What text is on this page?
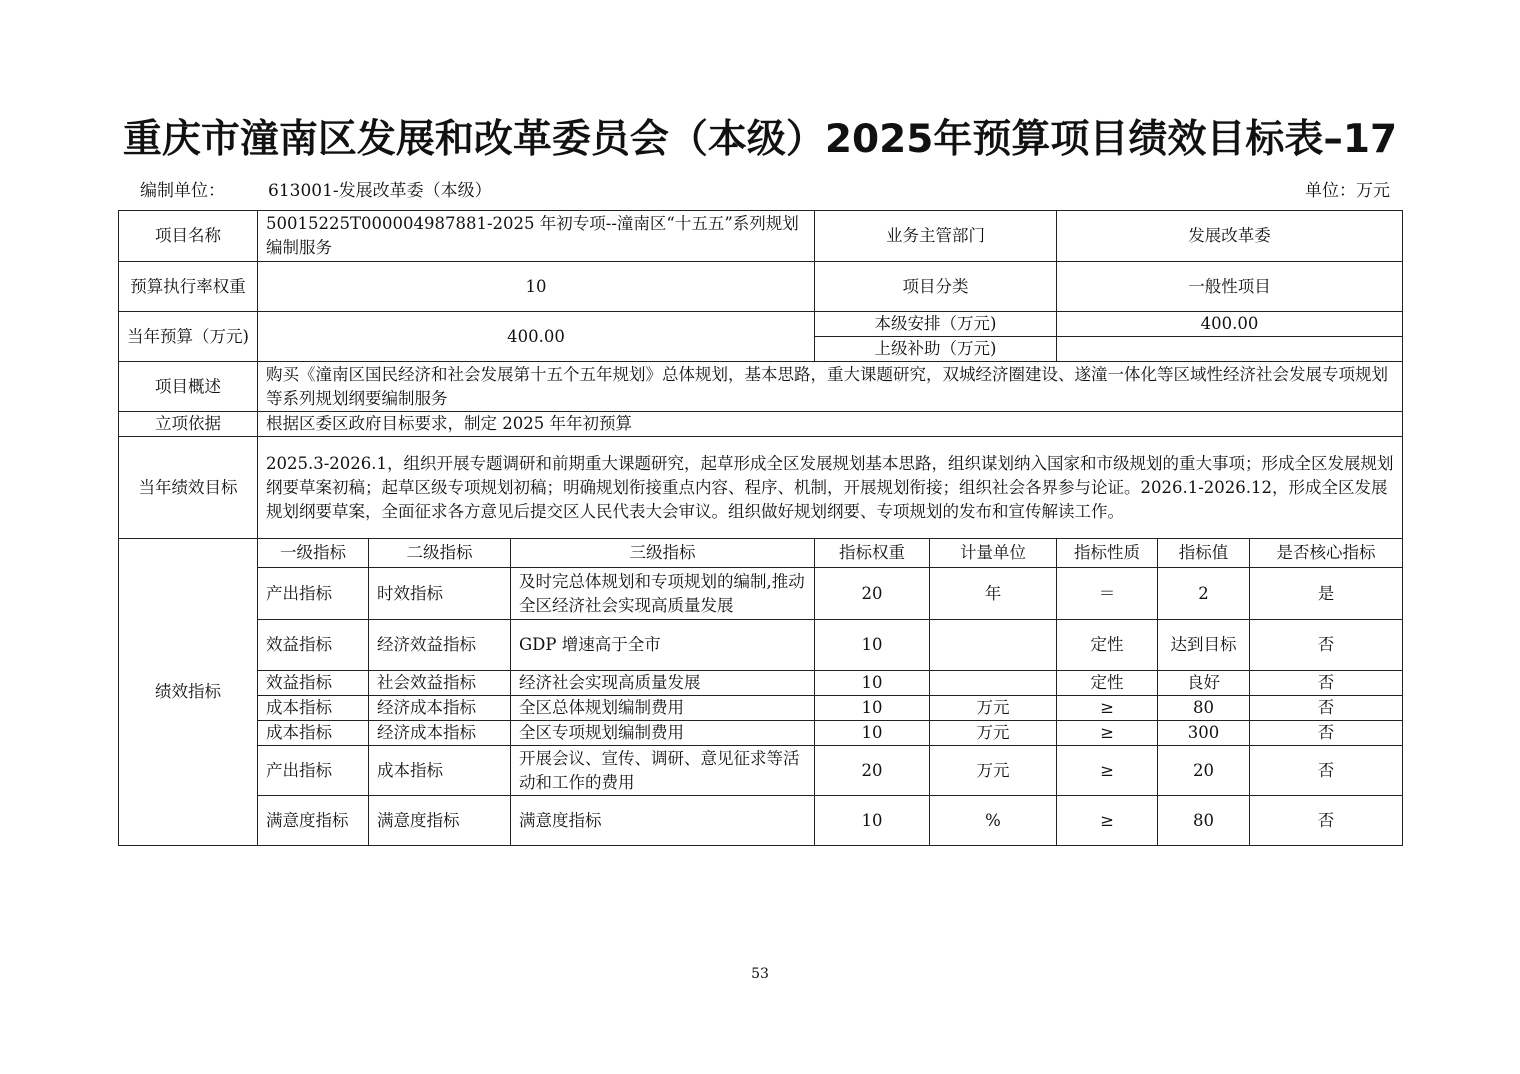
重庆市潼南区发展和改革委员会（本级）2025年预算项目绩效目标表–17
编制单位：	613001-发展改革委（本级）	单位：万元
项目名称	50015225T000004987881-2025 年初专项--潼南区“十五五”系列规划编制服务			业务主管部门		发展改革委		
预算执行率权重	10			项目分类		一般性项目		
当年预算（万元)	400.00			本级安排（万元)		400.00		
				上级补助（万元)				
项目概述	购买《潼南区国民经济和社会发展第十五个五年规划》总体规划，基本思路，重大课题研究，双城经济圈建设、遂潼一体化等区域性经济社会发展专项规划等系列规划纲要编制服务							
立项依据	根据区委区政府目标要求，制定 2025 年年初预算							
当年绩效目标	2025.3-2026.1，组织开展专题调研和前期重大课题研究，起草形成全区发展规划基本思路，组织谋划纳入国家和市级规划的重大事项；形成全区发展规划纲要草案初稿；起草区级专项规划初稿；明确规划衔接重点内容、程序、机制，开展规划衔接；组织社会各界参与论证。2026.1-2026.12，形成全区发展规划纲要草案，全面征求各方意见后提交区人民代表大会审议。组织做好规划纲要、专项规划的发布和宣传解读工作。							
绩效指标	一级指标	二级指标	三级指标	指标权重	计量单位	指标性质	指标值	是否核心指标
	产出指标	时效指标	及时完总体规划和专项规划的编制,推动全区经济社会实现高质量发展	20	年	＝	2	是
	效益指标	经济效益指标	GDP 增速高于全市	10		定性	达到目标	否
	效益指标	社会效益指标	经济社会实现高质量发展	10		定性	良好	否
	成本指标	经济成本指标	全区总体规划编制费用	10	万元	≥	80	否
	成本指标	经济成本指标	全区专项规划编制费用	10	万元	≥	300	否
	产出指标	成本指标	开展会议、宣传、调研、意见征求等活动和工作的费用	20	万元	≥	20	否
	满意度指标	满意度指标	满意度指标	10	%	≥	80	否
53
